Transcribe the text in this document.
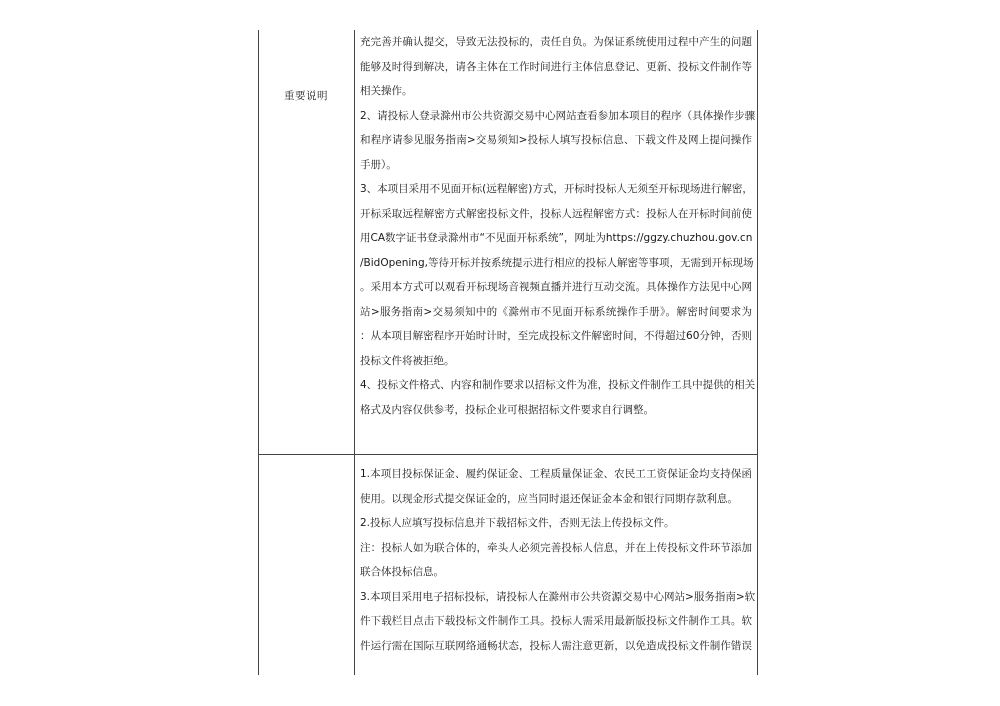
重要说明
充完善并确认提交，导致无法投标的，责任自负。为保证系统使用过程中产生的问题
能够及时得到解决，请各主体在工作时间进行主体信息登记、更新、投标文件制作等
相关操作。
2、请投标人登录滁州市公共资源交易中心网站查看参加本项目的程序（具体操作步骤
和程序请参见服务指南>交易须知>投标人填写投标信息、下载文件及网上提问操作
手册）。
3、本项目采用不见面开标(远程解密)方式，开标时投标人无须至开标现场进行解密，
开标采取远程解密方式解密投标文件，投标人远程解密方式：投标人在开标时间前使
用CA数字证书登录滁州市“不见面开标系统”，网址为https://ggzy.chuzhou.gov.cn
/BidOpening,等待开标并按系统提示进行相应的投标人解密等事项，无需到开标现场
。采用本方式可以观看开标现场音视频直播并进行互动交流。具体操作方法见中心网
站>服务指南>交易须知中的《滁州市不见面开标系统操作手册》。解密时间要求为
：从本项目解密程序开始时计时，至完成投标文件解密时间，不得超过60分钟，否则
投标文件将被拒绝。
4、投标文件格式、内容和制作要求以招标文件为准，投标文件制作工具中提供的相关
格式及内容仅供参考，投标企业可根据招标文件要求自行调整。
1.本项目投标保证金、履约保证金、工程质量保证金、农民工工资保证金均支持保函
使用。以现金形式提交保证金的，应当同时退还保证金本金和银行同期存款利息。
2.投标人应填写投标信息并下载招标文件，否则无法上传投标文件。
注：投标人如为联合体的，牵头人必须完善投标人信息，并在上传投标文件环节添加
联合体投标信息。
3.本项目采用电子招标投标，请投标人在滁州市公共资源交易中心网站>服务指南>软
件下载栏目点击下载投标文件制作工具。投标人需采用最新版投标文件制作工具。软
件运行需在国际互联网络通畅状态，投标人需注意更新，以免造成投标文件制作错误
